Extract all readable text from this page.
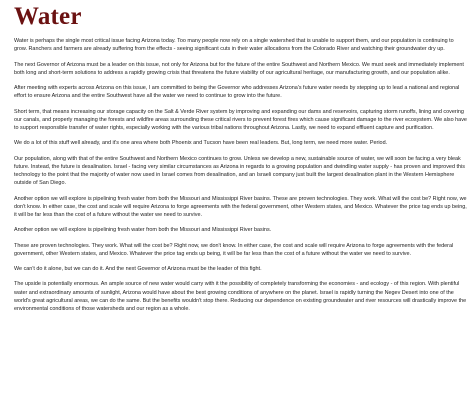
Water

Water is perhaps the single most critical issue facing Arizona today. Too many people now rely on a single watershed that is unable to support them, and our population is continuing to grow. Ranchers and farmers are already suffering from the effects - seeing significant cuts in their water allocations from the Colorado River and watching their groundwater dry up.

The next Governor of Arizona must be a leader on this issue, not only for Arizona but for the future of the entire Southwest and Northern Mexico. We must seek and immediately implement both long and short-term solutions to address a rapidly growing crisis that threatens the future viability of our agricultural heritage, our manufacturing growth, and our population alike.

After meeting with experts across Arizona on this issue, I am committed to being the Governor who addresses Arizona's future water needs by stepping up to lead a national and regional effort to ensure Arizona and the entire Southwest have all the water we need to continue to grow into the future.

Short term, that means increasing our storage capacity on the Salt & Verde River system by improving and expanding our dams and reservoirs, capturing storm runoffs, lining and covering our canals, and properly managing the forests and wildfire areas surrounding these critical rivers to prevent forest fires which cause significant damage to the river ecosystem. We also have to support responsible transfer of water rights, especially working with the various tribal nations throughout Arizona. Lastly, we need to expand effluent capture and purification.

We do a lot of this stuff well already, and it's one area where both Phoenix and Tucson have been real leaders. But, long term, we need more water. Period.

Our population, along with that of the entire Southwest and Northern Mexico continues to grow. Unless we develop a new, sustainable source of water, we will soon be facing a very bleak future. Instead, the future is desalination. Israel - facing very similar circumstances as Arizona in regards to a growing population and dwindling water supply - has proven and improved this technology to the point that the majority of water now used in Israel comes from desalination, and an Israeli company just built the largest desalination plant in the Western Hemisphere outside of San Diego.

Another option we will explore is pipelining fresh water from both the Missouri and Mississippi River basins. These are proven technologies. They work. What will the cost be? Right now, we don't know. In either case, the cost and scale will require Arizona to forge agreements with the federal government, other Western states, and Mexico. Whatever the price tag ends up being, it will be far less than the cost of a future without the water we need to survive.

Another option we will explore is pipelining fresh water from both the Missouri and Mississippi River basins.

These are proven technologies. They work. What will the cost be? Right now, we don't know. In either case, the cost and scale will require Arizona to forge agreements with the federal government, other Western states, and Mexico. Whatever the price tag ends up being, it will be far less than the cost of a future without the water we need to survive.

We can't do it alone, but we can do it. And the next Governor of Arizona must be the leader of this fight.

The upside is potentially enormous. An ample source of new water would carry with it the possibility of completely transforming the economies - and ecology - of this region. With plentiful water and extraordinary amounts of sunlight, Arizona would have about the best growing conditions of anywhere on the planet. Israel is rapidly turning the Negev Desert into one of the world's great agricultural areas, we can do the same. But the benefits wouldn't stop there. Reducing our dependence on existing groundwater and river resources will drastically improve the environmental conditions of those watersheds and our region as a whole.
